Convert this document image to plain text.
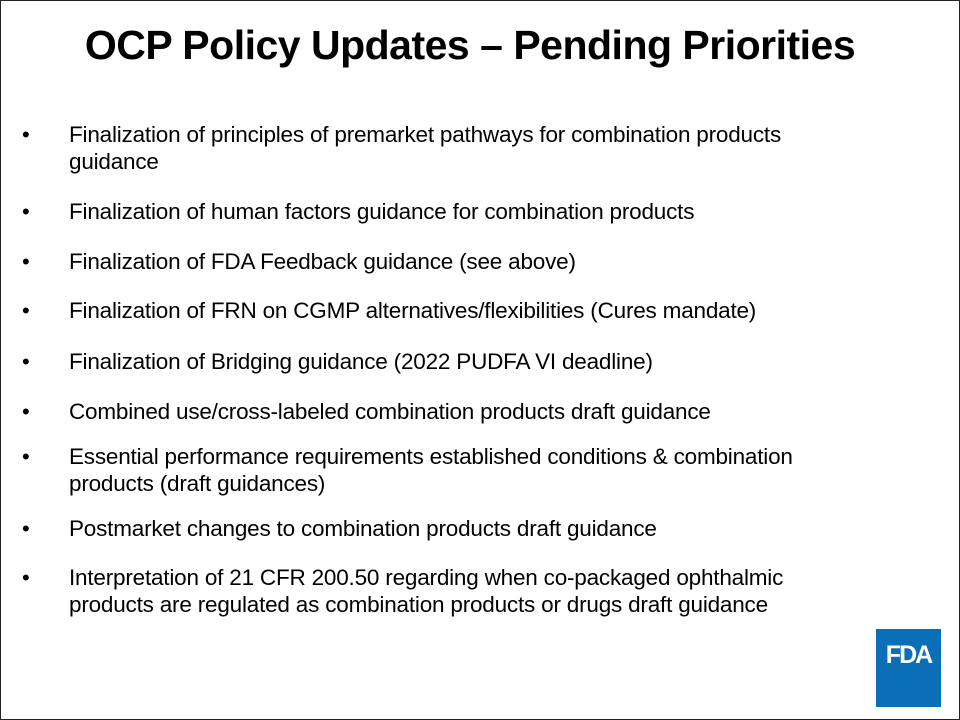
OCP Policy Updates – Pending Priorities
• Finalization of principles of premarket pathways for combination products guidance
• Finalization of human factors guidance for combination products
• Finalization of FDA Feedback guidance (see above)
• Finalization of FRN on CGMP alternatives/flexibilities (Cures mandate)
• Finalization of Bridging guidance (2022 PUDFA VI deadline)
• Combined use/cross-labeled combination products draft guidance
• Essential performance requirements established conditions & combination products (draft guidances)
• Postmarket changes to combination products draft guidance
• Interpretation of 21 CFR 200.50 regarding when co-packaged ophthalmic products are regulated as combination products or drugs draft guidance
FDA
